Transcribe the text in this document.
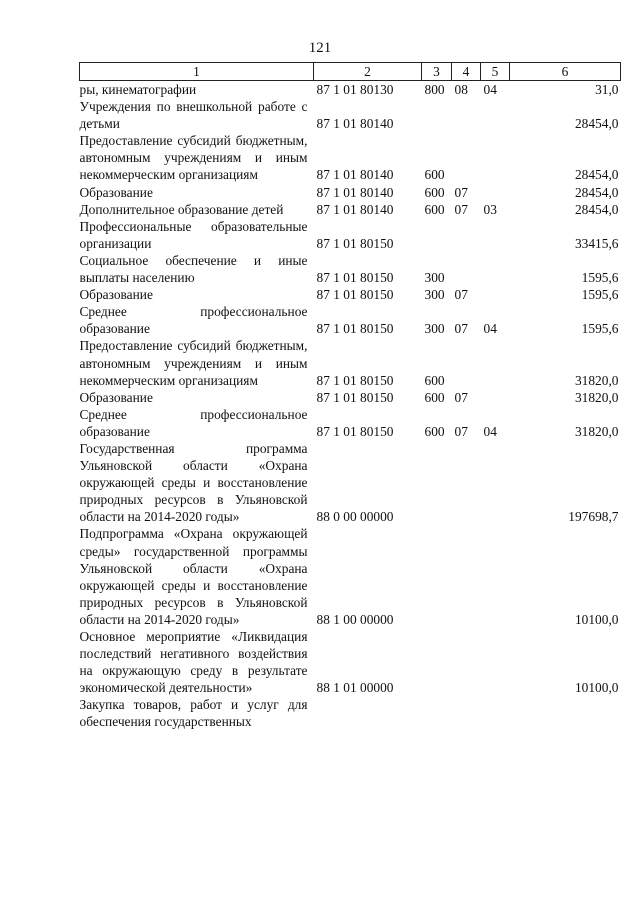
121
1	2	3	4	5	6
ры, кинематографии	87 1 01 80130	800	08	04	31,0
Учреждения по внешкольной работе с детьми	87 1 01 80140				28454,0
Предоставление субсидий бюджетным, автономным учреждениям и иным некоммерческим организациям	87 1 01 80140	600			28454,0
Образование	87 1 01 80140	600	07		28454,0
Дополнительное образование детей	87 1 01 80140	600	07	03	28454,0
Профессиональные образовательные организации	87 1 01 80150				33415,6
Социальное обеспечение и иные выплаты населению	87 1 01 80150	300			1595,6
Образование	87 1 01 80150	300	07		1595,6
Среднее профессиональное образование	87 1 01 80150	300	07	04	1595,6
Предоставление субсидий бюджетным, автономным учреждениям и иным некоммерческим организациям	87 1 01 80150	600			31820,0
Образование	87 1 01 80150	600	07		31820,0
Среднее профессиональное образование	87 1 01 80150	600	07	04	31820,0
Государственная программа Ульяновской области «Охрана окружающей среды и восстановление природных ресурсов в Ульяновской области на 2014-2020 годы»	88 0 00 00000				197698,7
Подпрограмма «Охрана окружающей среды» государственной программы Ульяновской области «Охрана окружающей среды и восстановление природных ресурсов в Ульяновской области на 2014-2020 годы»	88 1 00 00000				10100,0
Основное мероприятие «Ликвидация последствий негативного воздействия на окружающую среду в результате экономической деятельности»	88 1 01 00000				10100,0
Закупка товаров, работ и услуг для обеспечения государственных					
